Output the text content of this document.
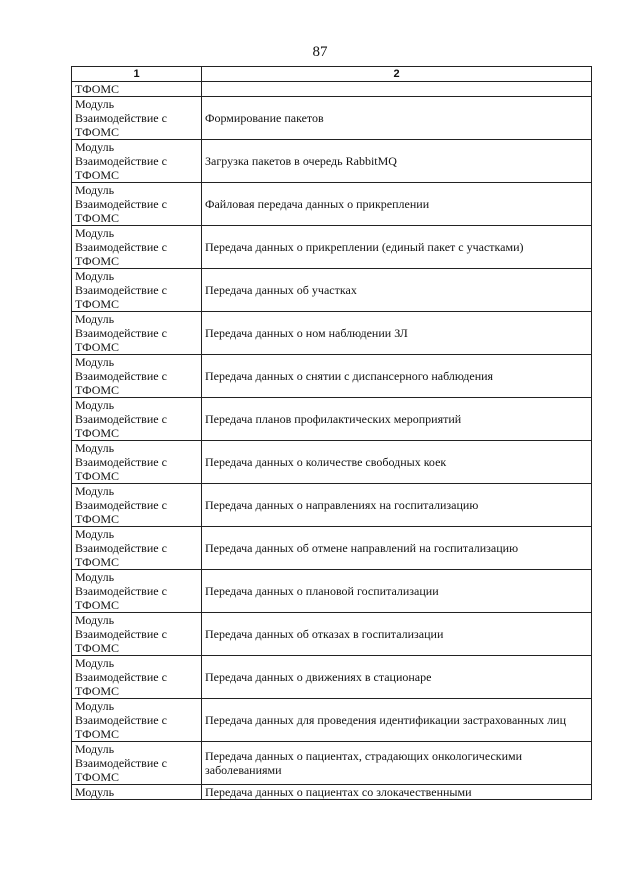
87
1	2
ТФОМС	

Модуль
Взаимодействие с
ТФОМС	Формирование пакетов

Модуль
Взаимодействие с
ТФОМС	Загрузка пакетов в очередь RabbitMQ

Модуль
Взаимодействие с
ТФОМС	Файловая передача данных о прикреплении

Модуль
Взаимодействие с
ТФОМС	Передача данных о прикреплении (единый пакет с участками)

Модуль
Взаимодействие с
ТФОМС	Передача данных об участках

Модуль
Взаимодействие с
ТФОМС	Передача данных о ном наблюдении ЗЛ

Модуль
Взаимодействие с
ТФОМС	Передача данных о снятии с диспансерного наблюдения

Модуль
Взаимодействие с
ТФОМС	Передача планов профилактических мероприятий

Модуль
Взаимодействие с
ТФОМС	Передача данных о количестве свободных коек

Модуль
Взаимодействие с
ТФОМС	Передача данных о направлениях на госпитализацию

Модуль
Взаимодействие с
ТФОМС	Передача данных об отмене направлений на госпитализацию

Модуль
Взаимодействие с
ТФОМС	Передача данных о плановой госпитализации

Модуль
Взаимодействие с
ТФОМС	Передача данных об отказах в госпитализации

Модуль
Взаимодействие с
ТФОМС	Передача данных о движениях в стационаре

Модуль
Взаимодействие с
ТФОМС	Передача данных для проведения идентификации застрахованных лиц

Модуль
Взаимодействие с
ТФОМС	Передача данных о пациентах, страдающих онкологическими заболеваниями

Модуль	Передача данных о пациентах со злокачественными
